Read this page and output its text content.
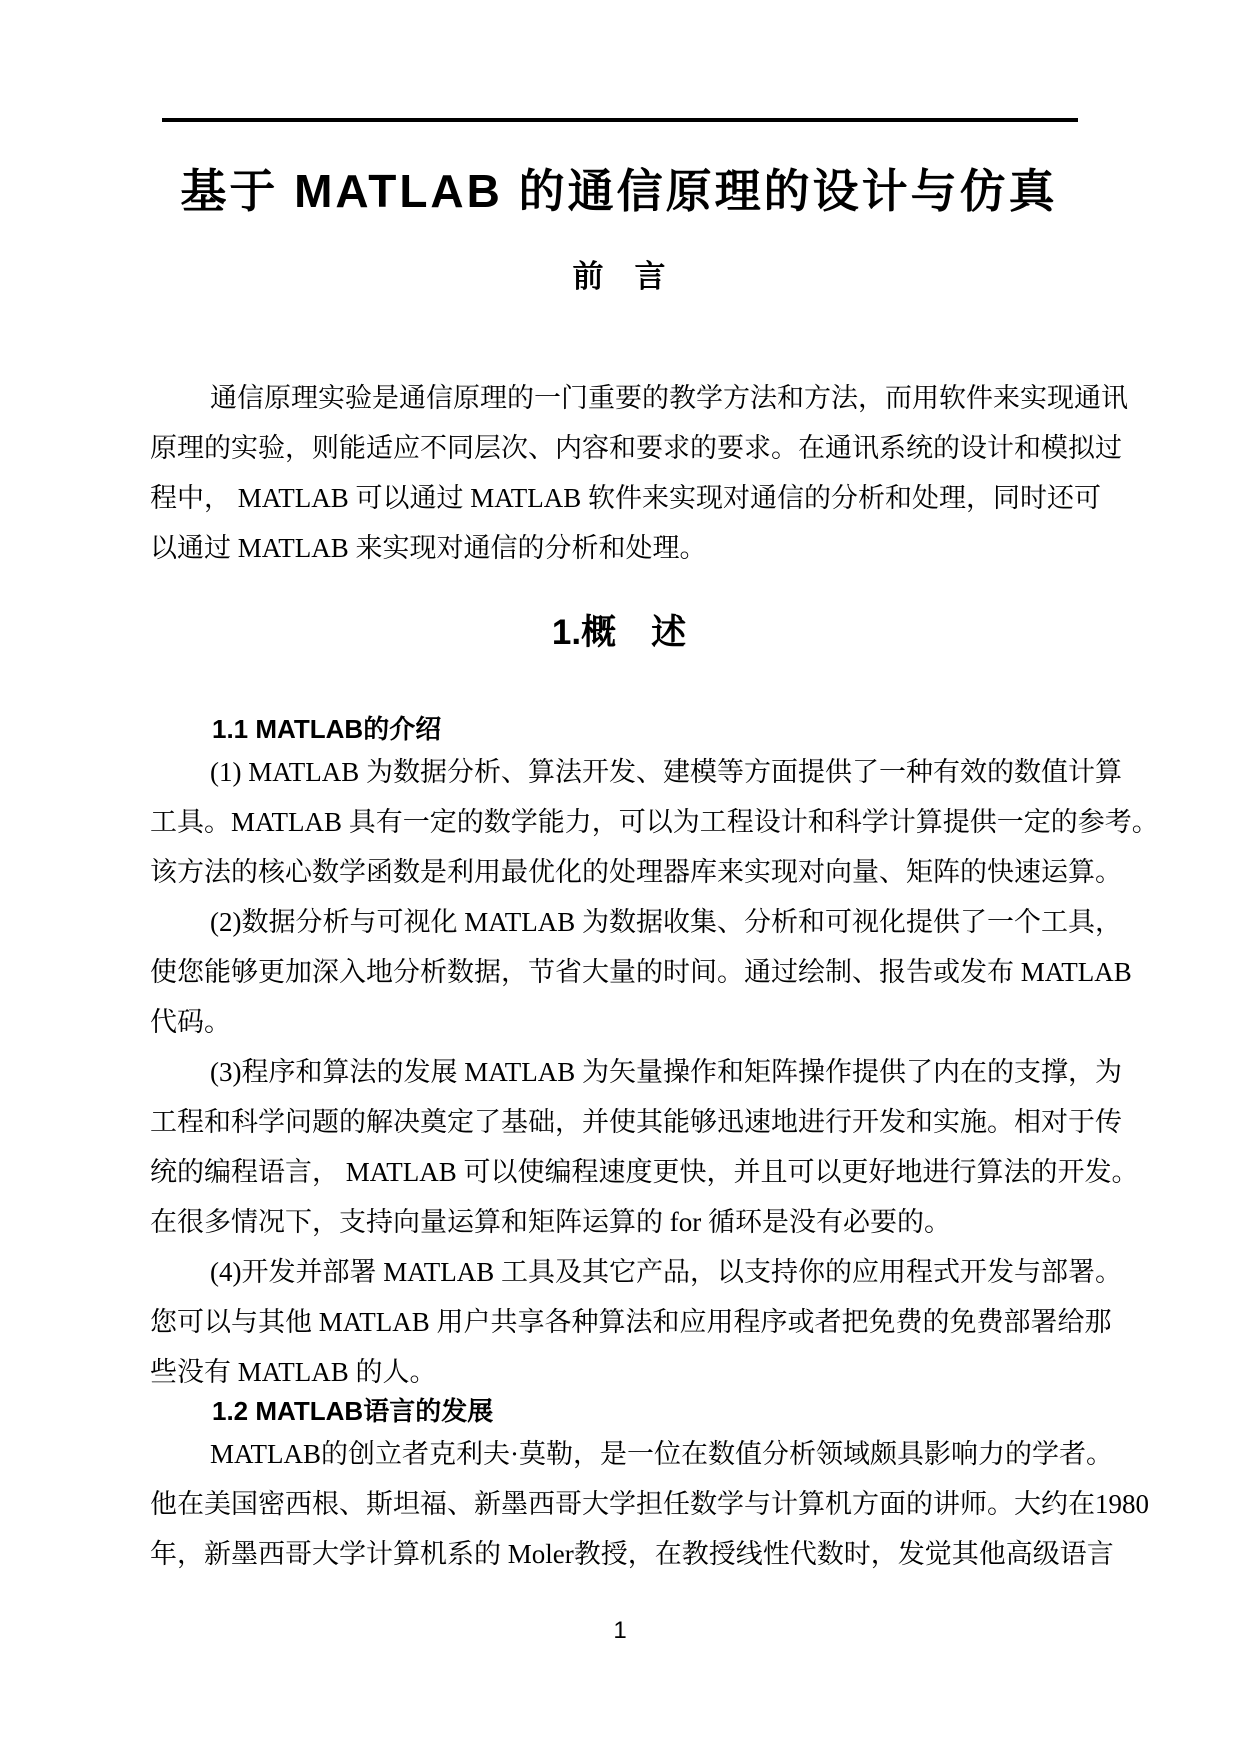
基于 MATLAB 的通信原理的设计与仿真
前　言
通信原理实验是通信原理的一门重要的教学方法和方法，而用软件来实现通讯
原理的实验，则能适应不同层次、内容和要求的要求。在通讯系统的设计和模拟过
程中， MATLAB 可以通过 MATLAB 软件来实现对通信的分析和处理，同时还可
以通过 MATLAB 来实现对通信的分析和处理。
1.概　述
1.1 MATLAB的介绍
(1) MATLAB 为数据分析、算法开发、建模等方面提供了一种有效的数值计算
工具。MATLAB 具有一定的数学能力，可以为工程设计和科学计算提供一定的参考。
该方法的核心数学函数是利用最优化的处理器库来实现对向量、矩阵的快速运算。
(2)数据分析与可视化 MATLAB 为数据收集、分析和可视化提供了一个工具，
使您能够更加深入地分析数据，节省大量的时间。通过绘制、报告或发布 MATLAB
代码。
(3)程序和算法的发展 MATLAB 为矢量操作和矩阵操作提供了内在的支撑，为
工程和科学问题的解决奠定了基础，并使其能够迅速地进行开发和实施。相对于传
统的编程语言， MATLAB 可以使编程速度更快，并且可以更好地进行算法的开发。
在很多情况下，支持向量运算和矩阵运算的 for 循环是没有必要的。
(4)开发并部署 MATLAB 工具及其它产品，以支持你的应用程式开发与部署。
您可以与其他 MATLAB 用户共享各种算法和应用程序或者把免费的免费部署给那
些没有 MATLAB 的人。
1.2 MATLAB语言的发展
MATLAB的创立者克利夫·莫勒，是一位在数值分析领域颇具影响力的学者。
他在美国密西根、斯坦福、新墨西哥大学担任数学与计算机方面的讲师。大约在1980
年，新墨西哥大学计算机系的 Moler教授，在教授线性代数时，发觉其他高级语言
1
